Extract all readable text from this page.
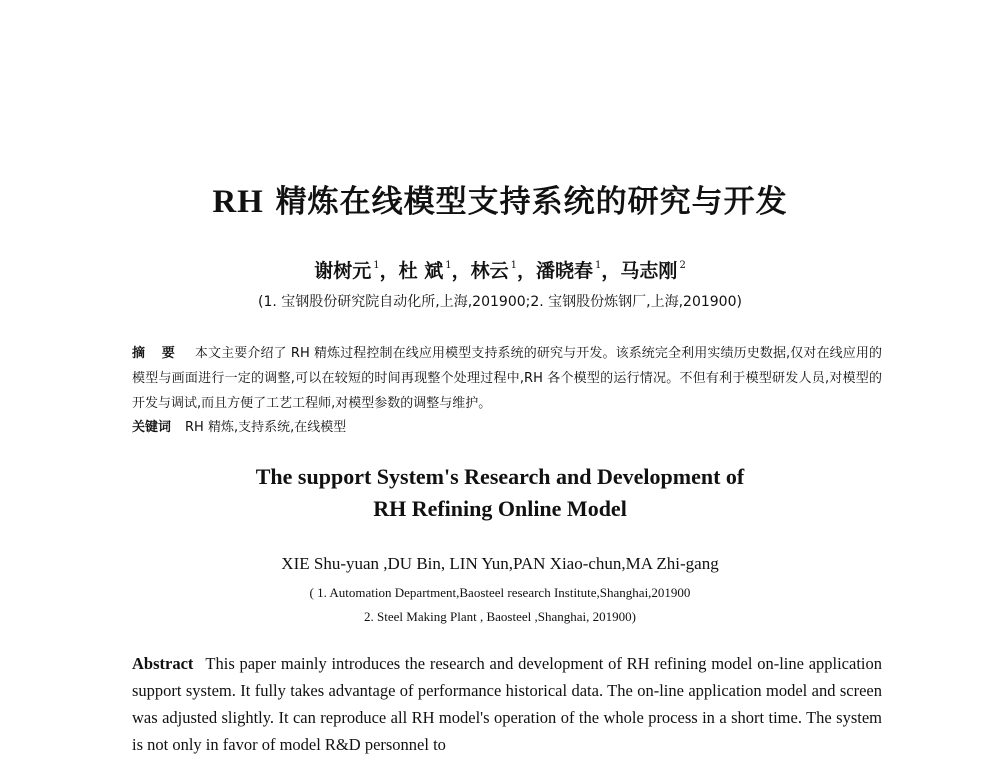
RH 精炼在线模型支持系统的研究与开发
谢树元 $^1$，杜 斌 $^1$，林云 $^1$，潘晓春 $^1$，马志刚 $^2$
(1. 宝钢股份研究院自动化所,上海,201900;2. 宝钢股份炼钢厂,上海,201900)
摘 要 本文主要介绍了 RH 精炼过程控制在线应用模型支持系统的研究与开发。该系统完全利用实绩历史数据,仅对在线应用的模型与画面进行一定的调整,可以在较短的时间再现整个处理过程中,RH 各个模型的运行情况。不但有利于模型研发人员,对模型的开发与调试,而且方便了工艺工程师,对模型参数的调整与维护。
关键词 RH 精炼,支持系统,在线模型
The support System's Research and Development of
RH Refining Online Model
XIE Shu-yuan ,DU Bin, LIN Yun,PAN Xiao-chun,MA Zhi-gang
( 1. Automation Department,Baosteel research Institute,Shanghai,201900
2. Steel Making Plant , Baosteel ,Shanghai, 201900)
Abstract This paper mainly introduces the research and development of RH refining model on-line application support system. It fully takes advantage of performance historical data. The on-line application model and screen was adjusted slightly. It can reproduce all RH model's operation of the whole process in a short time. The system is not only in favor of model R&D personnel to
